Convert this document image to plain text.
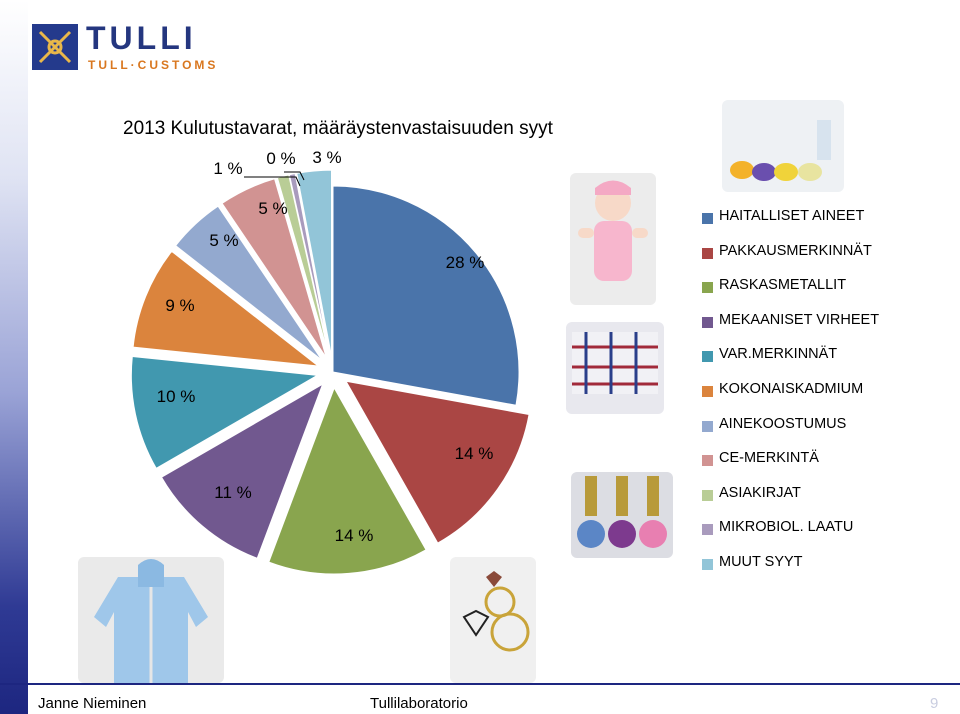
TULLI
TULL·CUSTOMS
2013 Kulutustavarat, määräystenvastaisuuden syyt
28 %
14 %
14 %
11 %
10 %
9 %
5 %
5 %
1 %
0 % 3 %
HAITALLISET AINEET
PAKKAUSMERKINNÄT
RASKASMETALLIT
MEKAANISET VIRHEET
VAR.MERKINNÄT
KOKONAISKADMIUM
AINEKOOSTUMUS
CE-MERKINTÄ
ASIAKIRJAT
MIKROBIOL. LAATU
MUUT SYYT
Janne Nieminen	Tullilaboratorio	9
